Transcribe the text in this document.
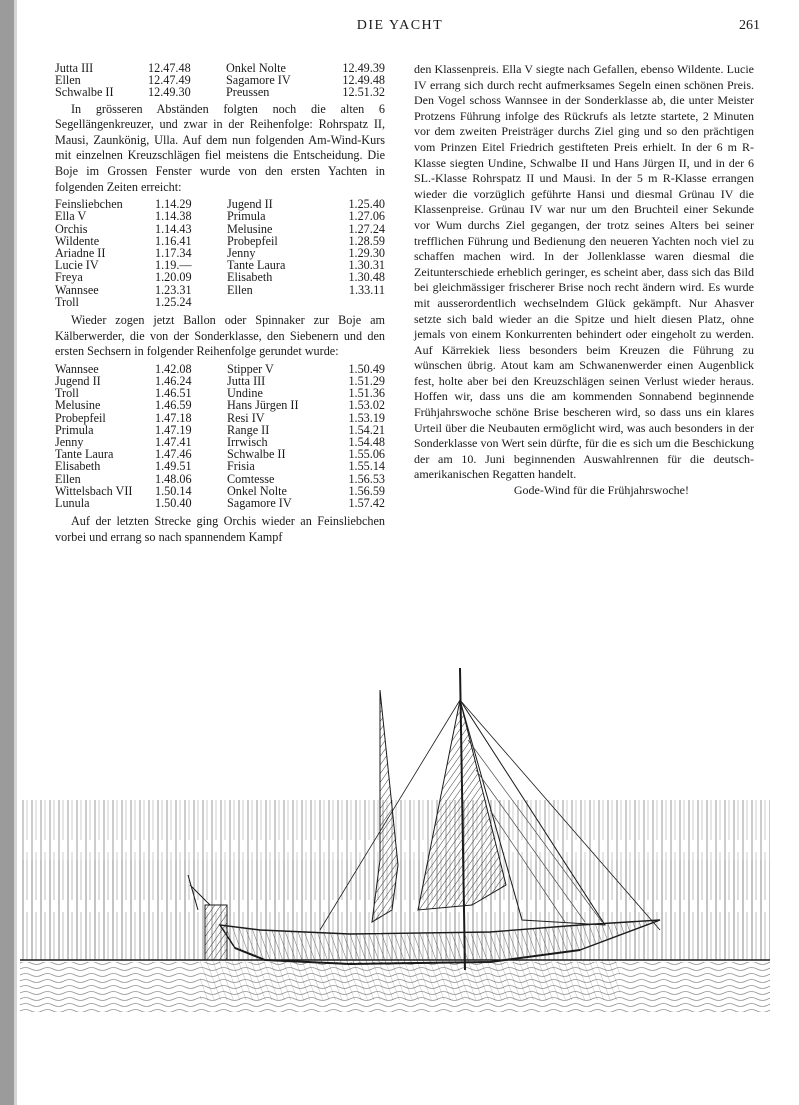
DIE YACHT	261
Jutta III	12.47.48	Onkel Nolte	12.49.39
Ellen	12.47.49	Sagamore IV	12.49.48
Schwalbe II	12.49.30	Preussen	12.51.32

In grösseren Abständen folgten noch die alten 6 Segellängenkreuzer, und zwar in der Reihenfolge: Rohrspatz II, Mausi, Zaunkönig, Ulla. Auf dem nun folgenden Am-Wind-Kurs mit einzelnen Kreuzschlägen fiel meistens die Entscheidung. Die Boje im Grossen Fenster wurde von den ersten Yachten in folgenden Zeiten erreicht:

Feinsliebchen	1.14.29	Jugend II	1.25.40
Ella V	1.14.38	Primula	1.27.06
Orchis	1.14.43	Melusine	1.27.24
Wildente	1.16.41	Probepfeil	1.28.59
Ariadne II	1.17.34	Jenny	1.29.30
Lucie IV	1.19.—	Tante Laura	1.30.31
Freya	1.20.09	Elisabeth	1.30.48
Wannsee	1.23.31	Ellen	1.33.11
Troll	1.25.24		

Wieder zogen jetzt Ballon oder Spinnaker zur Boje am Kälberwerder, die von der Sonderklasse, den Siebenern und den ersten Sechsern in folgender Reihenfolge gerundet wurde:

Wannsee	1.42.08	Stipper V	1.50.49
Jugend II	1.46.24	Jutta III	1.51.29
Troll	1.46.51	Undine	1.51.36
Melusine	1.46.59	Hans Jürgen II	1.53.02
Probepfeil	1.47.18	Resi IV	1.53.19
Primula	1.47.19	Range II	1.54.21
Jenny	1.47.41	Irrwisch	1.54.48
Tante Laura	1.47.46	Schwalbe II	1.55.06
Elisabeth	1.49.51	Frisia	1.55.14
Ellen	1.48.06	Comtesse	1.56.53
Wittelsbach VII	1.50.14	Onkel Nolte	1.56.59
Lunula	1.50.40	Sagamore IV	1.57.42

Auf der letzten Strecke ging Orchis wieder an Feinsliebchen vorbei und errang so nach spannendem Kampf

den Klassenpreis. Ella V siegte nach Gefallen, ebenso Wildente. Lucie IV errang sich durch recht aufmerksames Segeln einen schönen Preis. Den Vogel schoss Wannsee in der Sonderklasse ab, die unter Meister Protzens Führung infolge des Rückrufs als letzte startete, 2 Minuten vor dem zweiten Preisträger durchs Ziel ging und so den prächtigen vom Prinzen Eitel Friedrich gestifteten Preis erhielt. In der 6 m R-Klasse siegten Undine, Schwalbe II und Hans Jürgen II, und in der 6 SL.-Klasse Rohrspatz II und Mausi. In der 5 m R-Klasse errangen wieder die vorzüglich geführte Hansi und diesmal Grünau IV die Klassenpreise. Grünau IV war nur um den Bruchteil einer Sekunde vor Wum durchs Ziel gegangen, der trotz seines Alters bei seiner trefflichen Führung und Bedienung den neueren Yachten noch viel zu schaffen machen wird. In der Jollenklasse waren diesmal die Zeitunterschiede erheblich geringer, es scheint aber, dass sich das Bild bei gleichmässiger frischerer Brise noch recht ändern wird. Es wurde mit ausserordentlich wechselndem Glück gekämpft. Nur Ahasver setzte sich bald wieder an die Spitze und hielt diesen Platz, ohne jemals von einem Konkurrenten behindert oder eingeholt zu werden. Auf Kärrekiek liess besonders beim Kreuzen die Führung zu wünschen übrig. Atout kam am Schwanenwerder einen Augenblick fest, holte aber bei den Kreuzschlägen seinen Verlust wieder heraus. Hoffen wir, dass uns die am kommenden Sonnabend beginnende Frühjahrswoche schöne Brise bescheren wird, so dass uns ein klares Urteil über die Neubauten ermöglicht wird, was auch besonders in der Sonderklasse von Wert sein dürfte, für die es sich um die Beschickung der am 10. Juni beginnenden Auswahlrennen für die deutsch-amerikanischen Regatten handelt.

Gode-Wind für die Frühjahrswoche!
